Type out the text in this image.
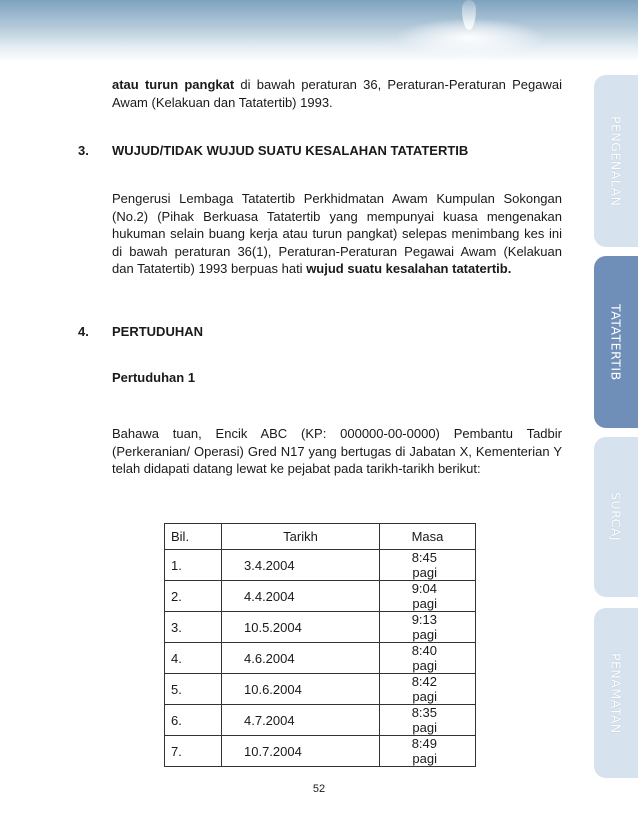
atau turun pangkat di bawah peraturan 36, Peraturan-Peraturan Pegawai Awam (Kelakuan dan Tatatertib) 1993.

3. WUJUD/TIDAK WUJUD SUATU KESALAHAN TATATERTIB

Pengerusi Lembaga Tatatertib Perkhidmatan Awam Kumpulan Sokongan (No.2) (Pihak Berkuasa Tatatertib yang mempunyai kuasa mengenakan hukuman selain buang kerja atau turun pangkat) selepas menimbang kes ini di bawah peraturan 36(1), Peraturan-Peraturan Pegawai Awam (Kelakuan dan Tatatertib) 1993 berpuas hati wujud suatu kesalahan tatatertib.

4. PERTUDUHAN
Pertuduhan 1

Bahawa tuan, Encik ABC (KP: 000000-00-0000) Pembantu Tadbir (Perkeranian/ Operasi) Gred N17 yang bertugas di Jabatan X, Kementerian Y telah didapati datang lewat ke pejabat pada tarikh-tarikh berikut:

Bil.	Tarikh	Masa
1.	3.4.2004	8:45 pagi
2.	4.4.2004	9:04 pagi
3.	10.5.2004	9:13 pagi
4.	4.6.2004	8:40 pagi
5.	10.6.2004	8:42 pagi
6.	4.7.2004	8:35 pagi
7.	10.7.2004	8:49 pagi
52
PENGENALAN
TATATERTIB
SURCAJ
PENAMATAN
